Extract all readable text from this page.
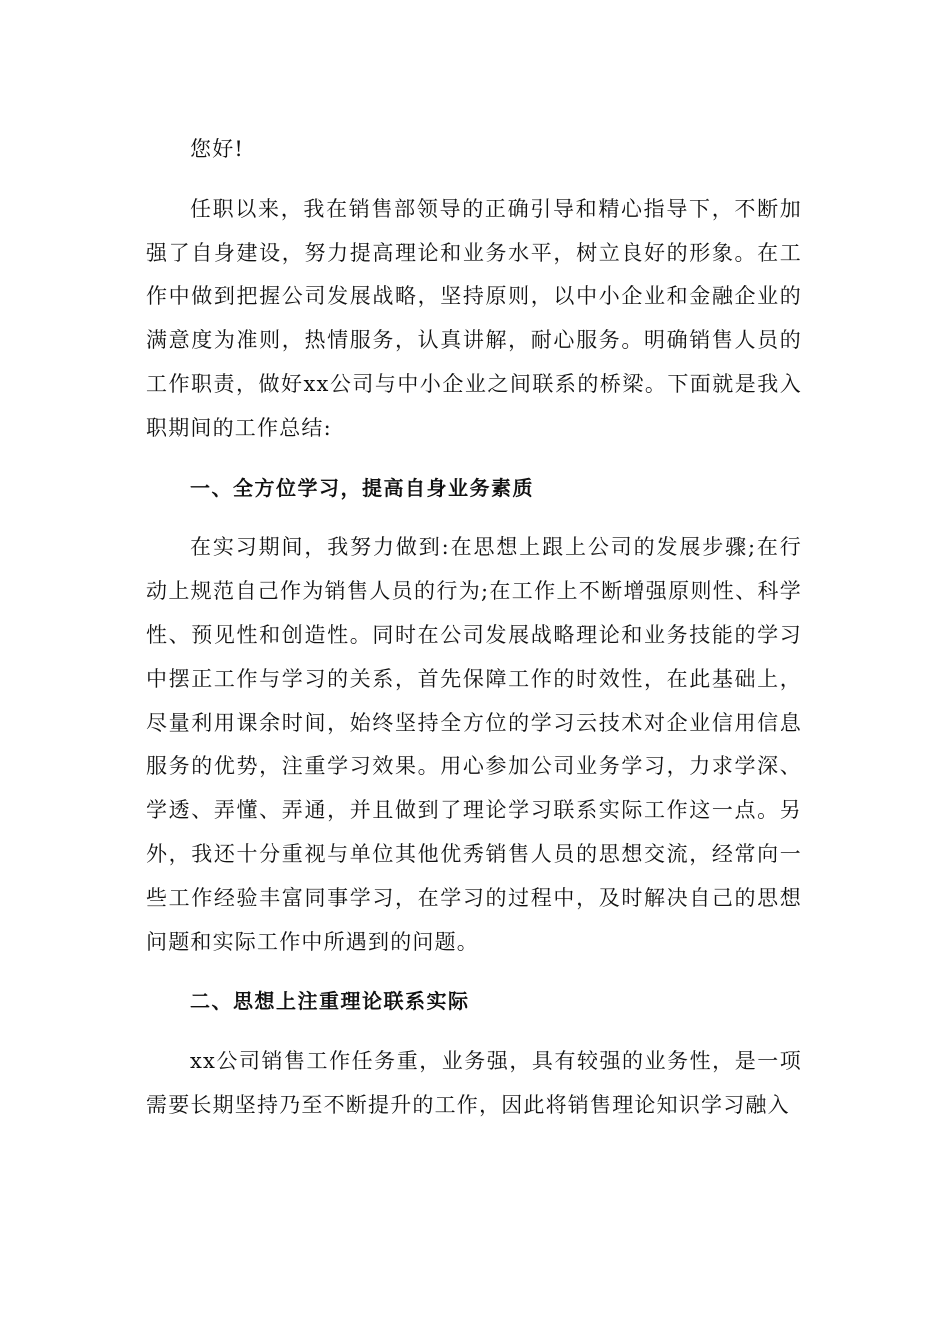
您好!

任职以来，我在销售部领导的正确引导和精心指导下，不断加强了自身建设，努力提高理论和业务水平，树立良好的形象。在工作中做到把握公司发展战略，坚持原则，以中小企业和金融企业的满意度为准则，热情服务，认真讲解，耐心服务。明确销售人员的工作职责，做好xx公司与中小企业之间联系的桥梁。下面就是我入职期间的工作总结:

一、全方位学习，提高自身业务素质

在实习期间，我努力做到:在思想上跟上公司的发展步骤;在行动上规范自己作为销售人员的行为;在工作上不断增强原则性、科学性、预见性和创造性。同时在公司发展战略理论和业务技能的学习中摆正工作与学习的关系，首先保障工作的时效性，在此基础上，尽量利用课余时间，始终坚持全方位的学习云技术对企业信用信息服务的优势，注重学习效果。用心参加公司业务学习，力求学深、学透、弄懂、弄通，并且做到了理论学习联系实际工作这一点。另外，我还十分重视与单位其他优秀销售人员的思想交流，经常向一些工作经验丰富同事学习，在学习的过程中，及时解决自己的思想问题和实际工作中所遇到的问题。

二、思想上注重理论联系实际

xx公司销售工作任务重，业务强，具有较强的业务性，是一项需要长期坚持乃至不断提升的工作，因此将销售理论知识学习融入
